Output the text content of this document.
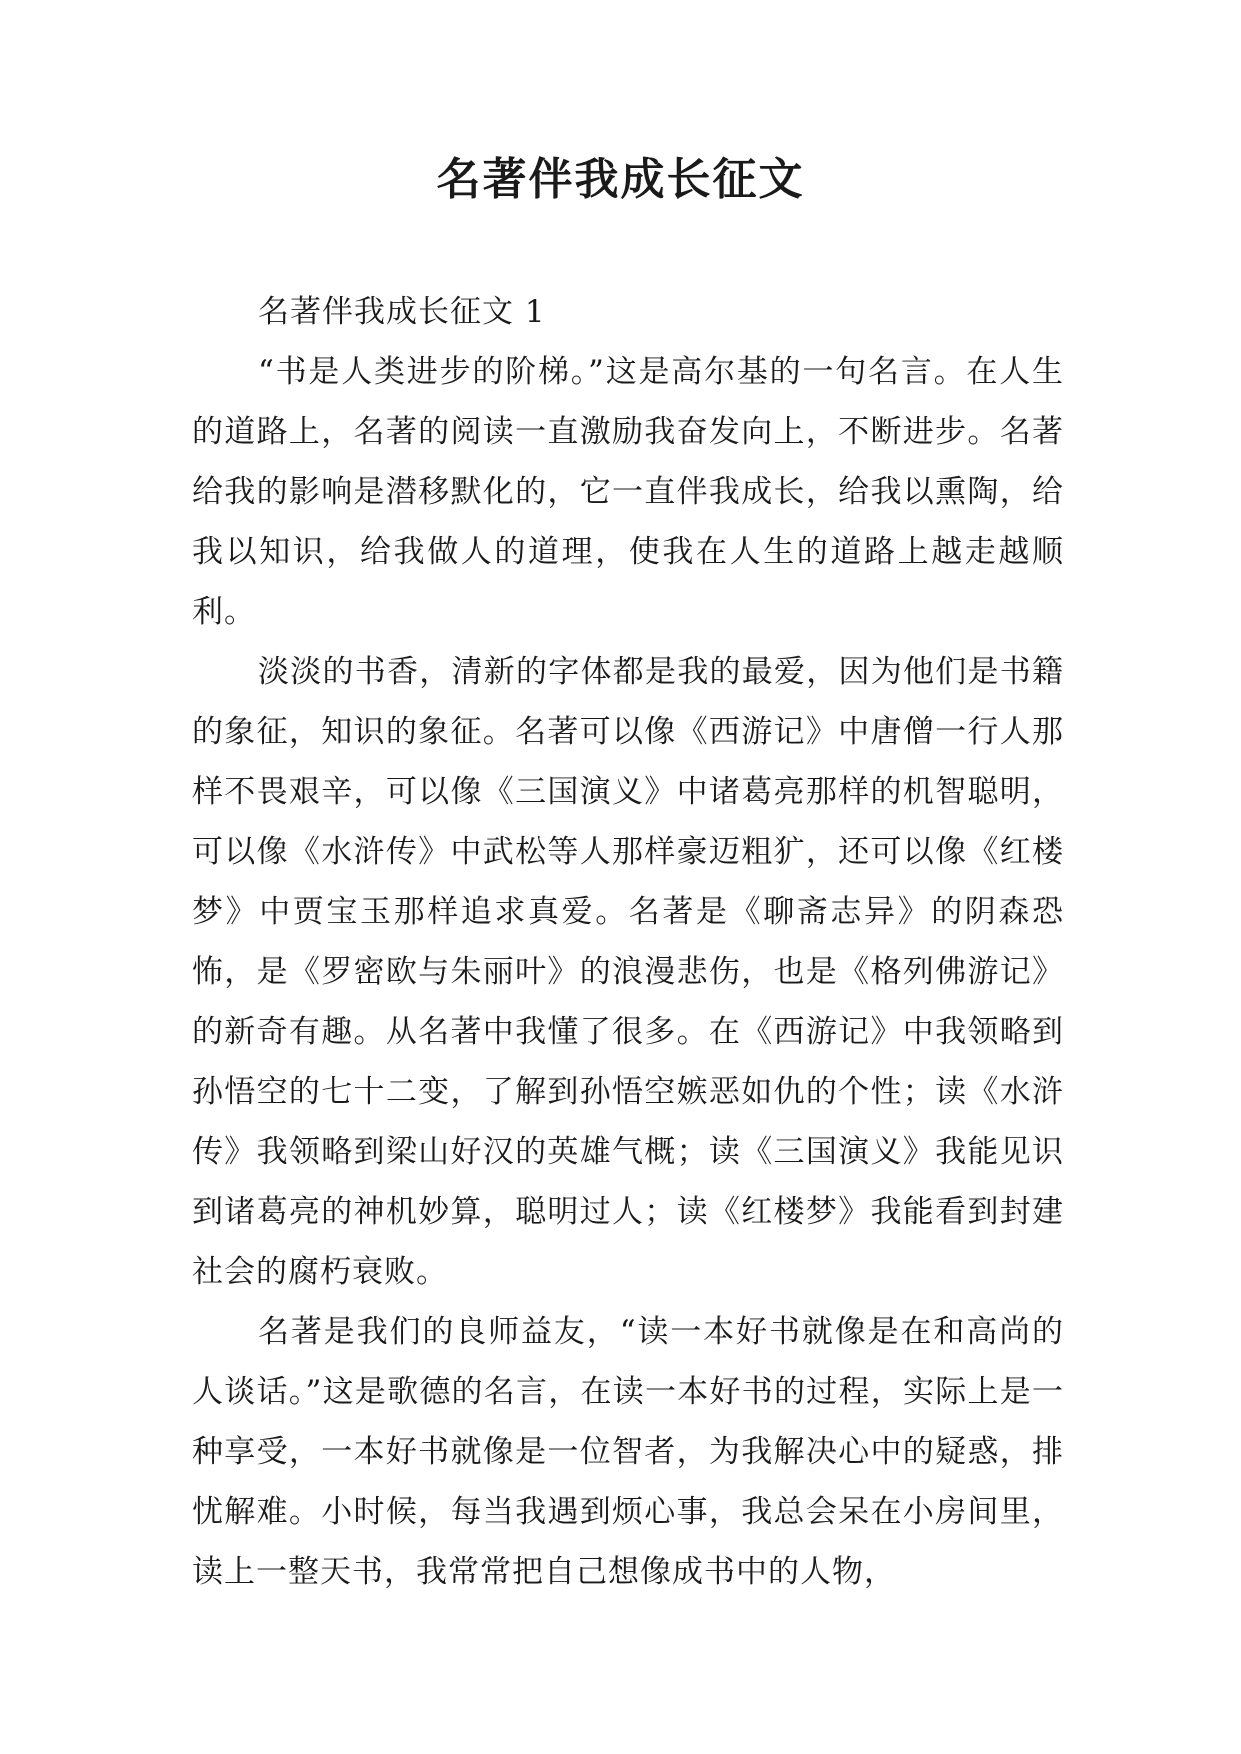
名著伴我成长征文

名著伴我成长征文 1

“书是人类进步的阶梯。”这是高尔基的一句名言。在人生的道路上，名著的阅读一直激励我奋发向上，不断进步。名著给我的影响是潜移默化的，它一直伴我成长，给我以熏陶，给我以知识，给我做人的道理，使我在人生的道路上越走越顺利。

淡淡的书香，清新的字体都是我的最爱，因为他们是书籍的象征，知识的象征。名著可以像《西游记》中唐僧一行人那样不畏艰辛，可以像《三国演义》中诸葛亮那样的机智聪明，可以像《水浒传》中武松等人那样豪迈粗犷，还可以像《红楼梦》中贾宝玉那样追求真爱。名著是《聊斋志异》的阴森恐怖，是《罗密欧与朱丽叶》的浪漫悲伤，也是《格列佛游记》的新奇有趣。从名著中我懂了很多。在《西游记》中我领略到孙悟空的七十二变，了解到孙悟空嫉恶如仇的个性；读《水浒传》我领略到梁山好汉的英雄气概；读《三国演义》我能见识到诸葛亮的神机妙算，聪明过人；读《红楼梦》我能看到封建社会的腐朽衰败。

名著是我们的良师益友，“读一本好书就像是在和高尚的人谈话。”这是歌德的名言，在读一本好书的过程，实际上是一种享受，一本好书就像是一位智者，为我解决心中的疑惑，排忧解难。小时候，每当我遇到烦心事，我总会呆在小房间里，读上一整天书，我常常把自己想像成书中的人物，
